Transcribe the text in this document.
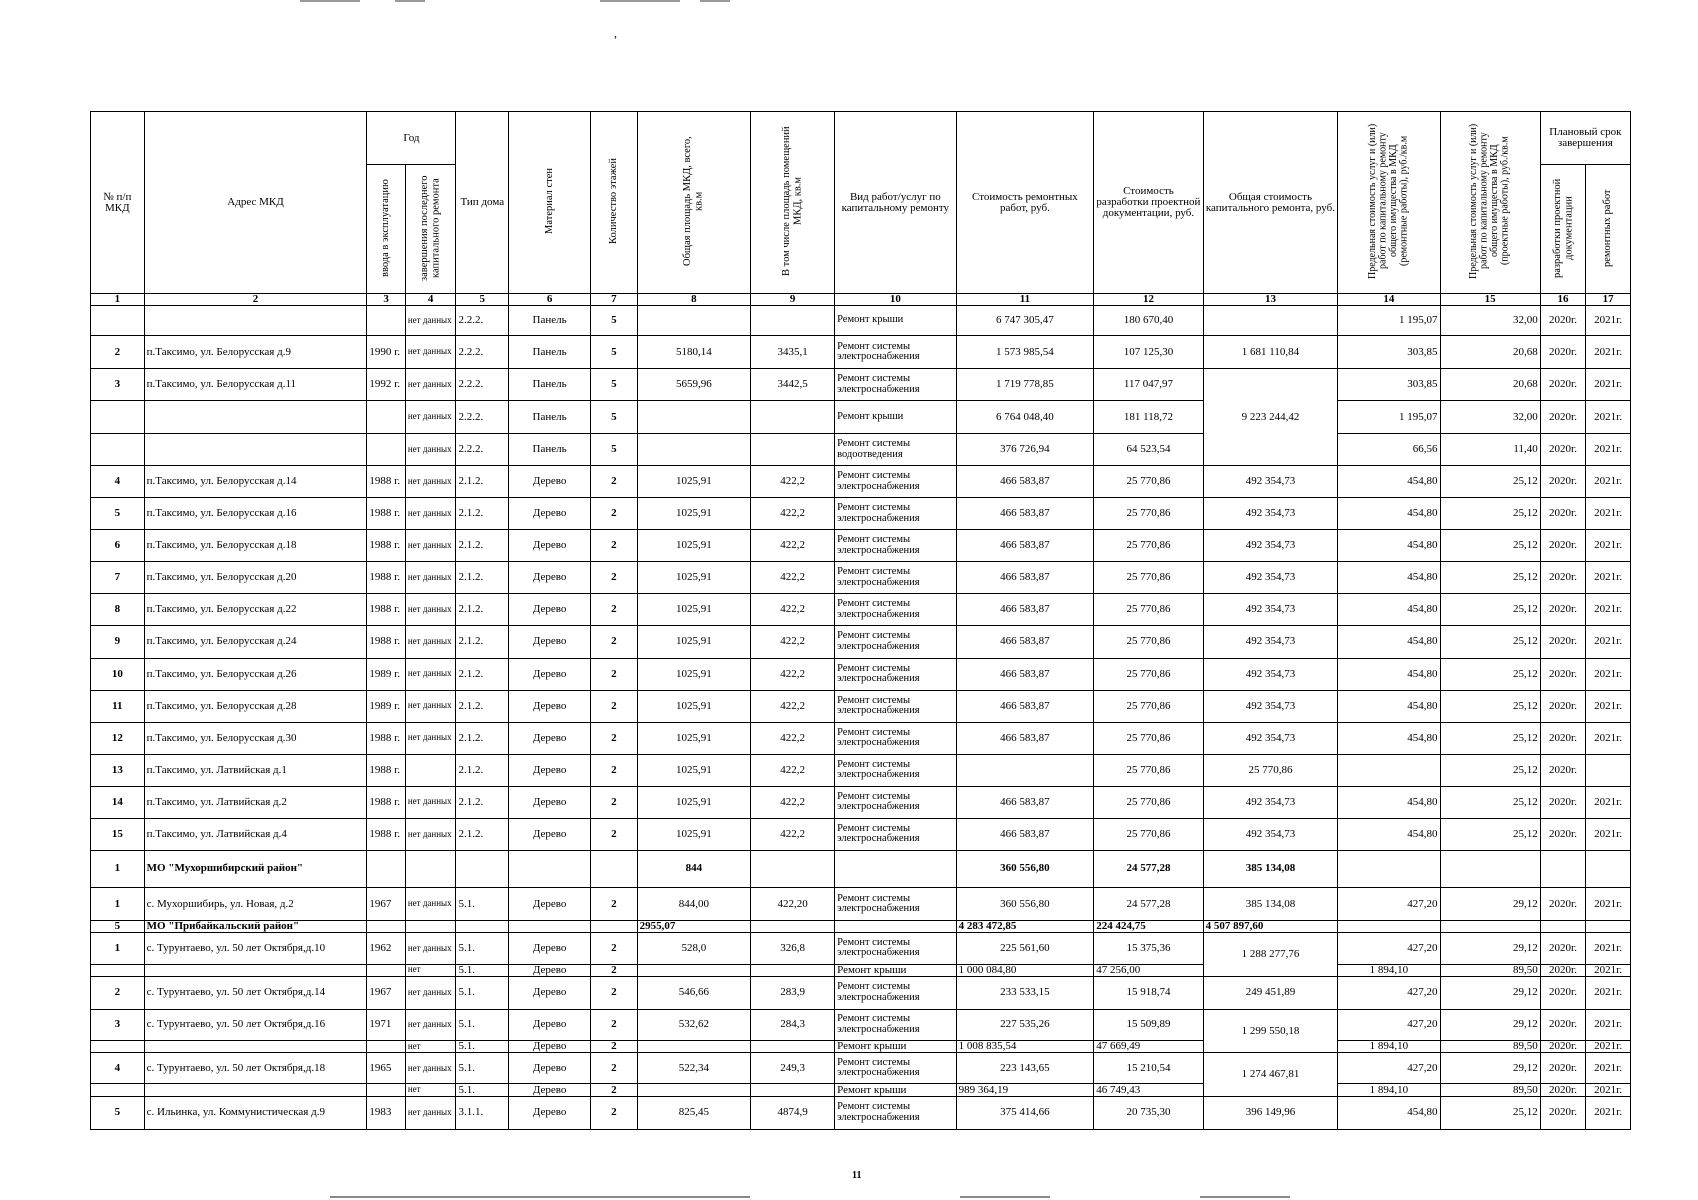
,
№ п/п МКД	Адрес МКД	Год		Тип дома	Материал стен	Количество этажей	Общая площадь МКД, всего, кв.м	В том числе площадь помещений МКД, кв.м	Вид работ/услуг по капитальному ремонту	Стоимость ремонтных работ, руб.	Стоимость разработки проектной документации, руб.	Общая стоимость капитального ремонта, руб.	Предельная стоимость услуг и (или) работ по капитальному ремонту общего имущества в МКД (ремонтные работы), руб./кв.м	Предельная стоимость услуг и (или) работ по капитальному ремонту общего имущества в МКД (проектные работы), руб./кв.м	Плановый срок завершения	
		ввода в эксплуатацию	завершения последнего капитального ремонта												разработки проектной документации	ремонтных работ
1	2	3	4	5	6	7	8	9	10	11	12	13	14	15	16	17

			нет данных	2.2.2.	Панель	5			Ремонт крыши	6 747 305,47	180 670,40		1 195,07	32,00	2020г.	2021г.
2	п.Таксимо, ул. Белорусская д.9	1990 г.	нет данных	2.2.2.	Панель	5	5180,14	3435,1	Ремонт системы электроснабжения	1 573 985,54	107 125,30	1 681 110,84	303,85	20,68	2020г.	2021г.
3	п.Таксимо, ул. Белорусская д.11	1992 г.	нет данных	2.2.2.	Панель	5	5659,96	3442,5	Ремонт системы электроснабжения	1 719 778,85	117 047,97	9 223 244,42	303,85	20,68	2020г.	2021г.

			нет данных	2.2.2.	Панель	5			Ремонт крыши	6 764 048,40	181 118,72		1 195,07	32,00	2020г.	2021г.

			нет данных	2.2.2.	Панель	5			Ремонт системы водоотведения	376 726,94	64 523,54		66,56	11,40	2020г.	2021г.
4	п.Таксимо, ул. Белорусская д.14	1988 г.	нет данных	2.1.2.	Дерево	2	1025,91	422,2	Ремонт системы электроснабжения	466 583,87	25 770,86	492 354,73	454,80	25,12	2020г.	2021г.
5	п.Таксимо, ул. Белорусская д.16	1988 г.	нет данных	2.1.2.	Дерево	2	1025,91	422,2	Ремонт системы электроснабжения	466 583,87	25 770,86	492 354,73	454,80	25,12	2020г.	2021г.
6	п.Таксимо, ул. Белорусская д.18	1988 г.	нет данных	2.1.2.	Дерево	2	1025,91	422,2	Ремонт системы электроснабжения	466 583,87	25 770,86	492 354,73	454,80	25,12	2020г.	2021г.
7	п.Таксимо, ул. Белорусская д.20	1988 г.	нет данных	2.1.2.	Дерево	2	1025,91	422,2	Ремонт системы электроснабжения	466 583,87	25 770,86	492 354,73	454,80	25,12	2020г.	2021г.
8	п.Таксимо, ул. Белорусская д.22	1988 г.	нет данных	2.1.2.	Дерево	2	1025,91	422,2	Ремонт системы электроснабжения	466 583,87	25 770,86	492 354,73	454,80	25,12	2020г.	2021г.
9	п.Таксимо, ул. Белорусская д.24	1988 г.	нет данных	2.1.2.	Дерево	2	1025,91	422,2	Ремонт системы электроснабжения	466 583,87	25 770,86	492 354,73	454,80	25,12	2020г.	2021г.
10	п.Таксимо, ул. Белорусская д.26	1989 г.	нет данных	2.1.2.	Дерево	2	1025,91	422,2	Ремонт системы электроснабжения	466 583,87	25 770,86	492 354,73	454,80	25,12	2020г.	2021г.
11	п.Таксимо, ул. Белорусская д.28	1989 г.	нет данных	2.1.2.	Дерево	2	1025,91	422,2	Ремонт системы электроснабжения	466 583,87	25 770,86	492 354,73	454,80	25,12	2020г.	2021г.
12	п.Таксимо, ул. Белорусская д.30	1988 г.	нет данных	2.1.2.	Дерево	2	1025,91	422,2	Ремонт системы электроснабжения	466 583,87	25 770,86	492 354,73	454,80	25,12	2020г.	2021г.
13	п.Таксимо, ул. Латвийская д.1	1988 г.		2.1.2.	Дерево	2	1025,91	422,2	Ремонт системы электроснабжения		25 770,86	25 770,86		25,12	2020г.	
14	п.Таксимо, ул. Латвийская д.2	1988 г.	нет данных	2.1.2.	Дерево	2	1025,91	422,2	Ремонт системы электроснабжения	466 583,87	25 770,86	492 354,73	454,80	25,12	2020г.	2021г.
15	п.Таксимо, ул. Латвийская д.4	1988 г.	нет данных	2.1.2.	Дерево	2	1025,91	422,2	Ремонт системы электроснабжения	466 583,87	25 770,86	492 354,73	454,80	25,12	2020г.	2021г.
1	МО "Мухоршибирский район"						844			360 556,80	24 577,28	385 134,08				
1	с. Мухоршибирь, ул. Новая, д.2	1967	нет данных	5.1.	Дерево	2	844,00	422,20	Ремонт системы электроснабжения	360 556,80	24 577,28	385 134,08	427,20	29,12	2020г.	2021г.
5	МО "Прибайкальский район"						2955,07			4 283 472,85	224 424,75	4 507 897,60				
1	с. Турунтаево, ул. 50 лет Октября,д.10	1962	нет данных	5.1.	Дерево	2	528,0	326,8	Ремонт системы электроснабжения	225 561,60	15 375,36	1 288 277,76	427,20	29,12	2020г.	2021г.

			нет	5.1.	Дерево	2			Ремонт крыши	1 000 084,80	47 256,00		1 894,10	89,50	2020г.	2021г.
2	с. Турунтаево, ул. 50 лет Октября,д.14	1967	нет данных	5.1.	Дерево	2	546,66	283,9	Ремонт системы электроснабжения	233 533,15	15 918,74	249 451,89	427,20	29,12	2020г.	2021г.
3	с. Турунтаево, ул. 50 лет Октября,д.16	1971	нет данных	5.1.	Дерево	2	532,62	284,3	Ремонт системы электроснабжения	227 535,26	15 509,89	1 299 550,18	427,20	29,12	2020г.	2021г.

			нет	5.1.	Дерево	2			Ремонт крыши	1 008 835,54	47 669,49		1 894,10	89,50	2020г.	2021г.
4	с. Турунтаево, ул. 50 лет Октября,д.18	1965	нет данных	5.1.	Дерево	2	522,34	249,3	Ремонт системы электроснабжения	223 143,65	15 210,54	1 274 467,81	427,20	29,12	2020г.	2021г.

			нет	5.1.	Дерево	2			Ремонт крыши	989 364,19	46 749,43		1 894,10	89,50	2020г.	2021г.
5	с. Ильинка, ул. Коммунистическая д.9	1983	нет данных	3.1.1.	Дерево	2	825,45	4874,9	Ремонт системы электроснабжения	375 414,66	20 735,30	396 149,96	454,80	25,12	2020г.	2021г.
11
